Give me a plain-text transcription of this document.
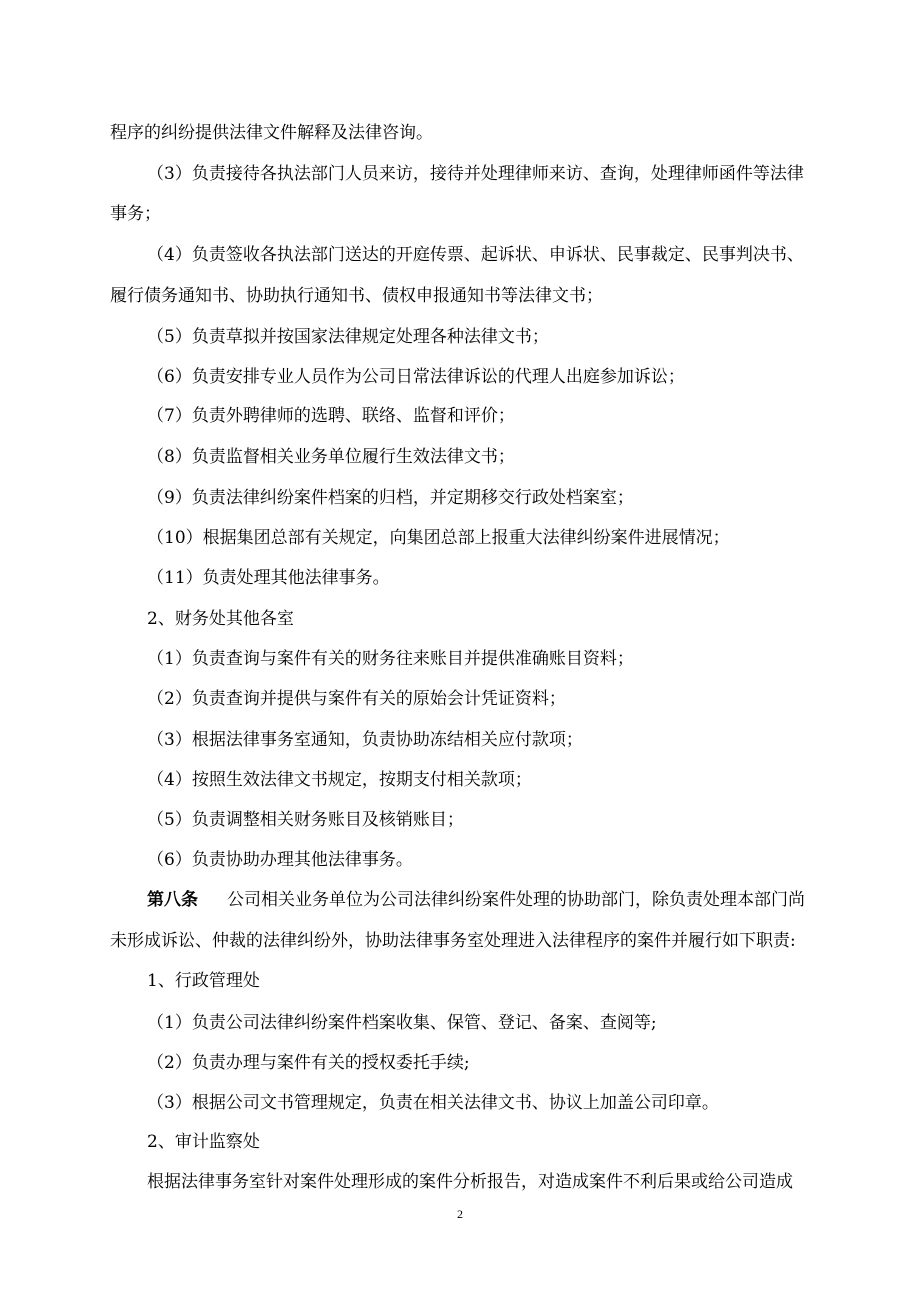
程序的纠纷提供法律文件解释及法律咨询。
（3）负责接待各执法部门人员来访，接待并处理律师来访、查询，处理律师函件等法律
事务；
（4）负责签收各执法部门送达的开庭传票、起诉状、申诉状、民事裁定、民事判决书、
履行债务通知书、协助执行通知书、债权申报通知书等法律文书；
（5）负责草拟并按国家法律规定处理各种法律文书；
（6）负责安排专业人员作为公司日常法律诉讼的代理人出庭参加诉讼；
（7）负责外聘律师的选聘、联络、监督和评价；
（8）负责监督相关业务单位履行生效法律文书；
（9）负责法律纠纷案件档案的归档，并定期移交行政处档案室；
（10）根据集团总部有关规定，向集团总部上报重大法律纠纷案件进展情况；
（11）负责处理其他法律事务。
2、财务处其他各室
（1）负责查询与案件有关的财务往来账目并提供准确账目资料；
（2）负责查询并提供与案件有关的原始会计凭证资料；
（3）根据法律事务室通知，负责协助冻结相关应付款项；
（4）按照生效法律文书规定，按期支付相关款项；
（5）负责调整相关财务账目及核销账目；
（6）负责协助办理其他法律事务。
第八条 公司相关业务单位为公司法律纠纷案件处理的协助部门，除负责处理本部门尚
未形成诉讼、仲裁的法律纠纷外，协助法律事务室处理进入法律程序的案件并履行如下职责:
1、行政管理处
（1）负责公司法律纠纷案件档案收集、保管、登记、备案、查阅等;
（2）负责办理与案件有关的授权委托手续;
（3）根据公司文书管理规定，负责在相关法律文书、协议上加盖公司印章。
2、审计监察处
根据法律事务室针对案件处理形成的案件分析报告，对造成案件不利后果或给公司造成
2
